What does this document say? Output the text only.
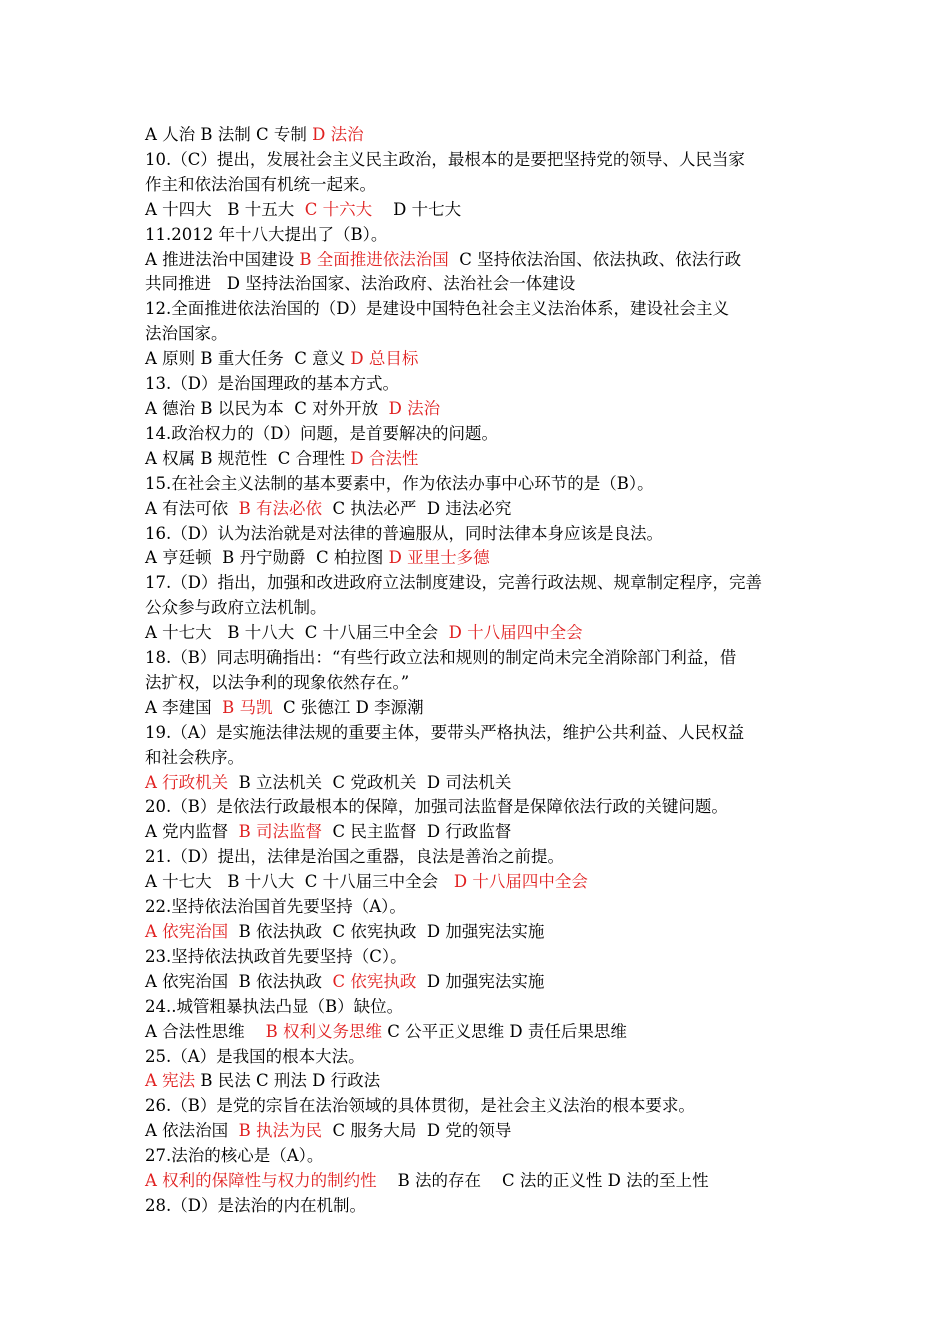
A 人治 B 法制 C 专制 D 法治
10.（C）提出，发展社会主义民主政治，最根本的是要把坚持党的领导、人民当家
作主和依法治国有机统一起来。
A 十四大   B 十五大  C 十六大    D 十七大
11.2012 年十八大提出了（B）。
A 推进法治中国建设 B 全面推进依法治国  C 坚持依法治国、依法执政、依法行政
共同推进   D 坚持法治国家、法治政府、法治社会一体建设
12.全面推进依法治国的（D）是建设中国特色社会主义法治体系，建设社会主义
法治国家。
A 原则 B 重大任务  C 意义 D 总目标
13.（D）是治国理政的基本方式。
A 德治 B 以民为本  C 对外开放  D 法治
14.政治权力的（D）问题，是首要解决的问题。
A 权属 B 规范性  C 合理性 D 合法性
15.在社会主义法制的基本要素中，作为依法办事中心环节的是（B）。
A 有法可依  B 有法必依  C 执法必严  D 违法必究
16.（D）认为法治就是对法律的普遍服从，同时法律本身应该是良法。
A 亨廷顿  B 丹宁勋爵  C 柏拉图 D 亚里士多德
17.（D）指出，加强和改进政府立法制度建设，完善行政法规、规章制定程序，完善
公众参与政府立法机制。
A 十七大   B 十八大  C 十八届三中全会  D 十八届四中全会
18.（B）同志明确指出：“有些行政立法和规则的制定尚未完全消除部门利益，借
法扩权，以法争利的现象依然存在。”
A 李建国  B 马凯  C 张德江 D 李源潮
19.（A）是实施法律法规的重要主体，要带头严格执法，维护公共利益、人民权益
和社会秩序。
A 行政机关  B 立法机关  C 党政机关  D 司法机关
20.（B）是依法行政最根本的保障，加强司法监督是保障依法行政的关键问题。
A 党内监督  B 司法监督  C 民主监督  D 行政监督
21.（D）提出，法律是治国之重器，良法是善治之前提。
A 十七大   B 十八大  C 十八届三中全会   D 十八届四中全会
22.坚持依法治国首先要坚持（A）。
A 依宪治国  B 依法执政  C 依宪执政  D 加强宪法实施
23.坚持依法执政首先要坚持（C）。
A 依宪治国  B 依法执政  C 依宪执政  D 加强宪法实施
24..城管粗暴执法凸显（B）缺位。
A 合法性思维    B 权利义务思维 C 公平正义思维 D 责任后果思维
25.（A）是我国的根本大法。
A 宪法 B 民法 C 刑法 D 行政法
26.（B）是党的宗旨在法治领域的具体贯彻，是社会主义法治的根本要求。
A 依法治国  B 执法为民  C 服务大局  D 党的领导
27.法治的核心是（A）。
A 权利的保障性与权力的制约性    B 法的存在    C 法的正义性 D 法的至上性
28.（D）是法治的内在机制。
